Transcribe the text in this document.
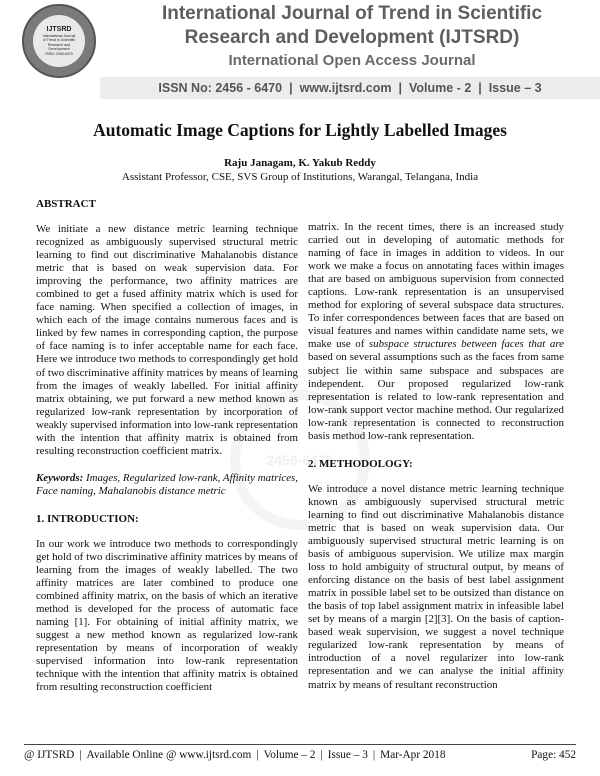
IJTSRD
International Journal
of Trend in Scientific
Research and
Development
ISSN: 2456-6470
International Journal of Trend in Scientific
Research and Development (IJTSRD)
International Open Access Journal
ISSN No: 2456 - 6470 | www.ijtsrd.com | Volume - 2 | Issue – 3
Automatic Image Captions for Lightly Labelled Images
Raju Janagam, K. Yakub Reddy
Assistant Professor, CSE, SVS Group of Institutions, Warangal, Telangana, India
2456-6470
ABSTRACT

We initiate a new distance metric learning technique recognized as ambiguously supervised structural metric learning to find out discriminative Mahalanobis distance metric that is based on weak supervision data. For improving the performance, two affinity matrices are combined to get a fused affinity matrix which is used for face naming. When specified a collection of images, in which each of the image contains numerous faces and is linked by few names in corresponding caption, the purpose of face naming is to infer acceptable name for each face. Here we introduce two methods to correspondingly get hold of two discriminative affinity matrices by means of learning from the images of weakly labelled. For initial affinity matrix obtaining, we put forward a new method known as regularized low-rank representation by incorporation of weakly supervised information into low-rank representation with the intention that affinity matrix is obtained from resulting reconstruction coefficient matrix.

Keywords: Images, Regularized low-rank, Affinity matrices, Face naming, Mahalanobis distance metric

1. INTRODUCTION:

In our work we introduce two methods to correspondingly get hold of two discriminative affinity matrices by means of learning from the images of weakly labelled. The two affinity matrices are later combined to produce one combined affinity matrix, on the basis of which an iterative method is developed for the process of automatic face naming [1]. For obtaining of initial affinity matrix, we suggest a new method known as regularized low-rank representation by means of incorporation of weakly supervised information into low-rank representation technique with the intention that affinity matrix is obtained from resulting reconstruction coefficient

matrix. In the recent times, there is an increased study carried out in developing of automatic methods for naming of face in images in addition to videos. In our work we make a focus on annotating faces within images that are based on ambiguous supervision from connected captions. Low-rank representation is an unsupervised method for exploring of several subspace data structures. To infer correspondences between faces that are based on visual features and names within candidate name sets, we make use of subspace structures between faces that are based on several assumptions such as the faces from same subject lie within same subspace and subspaces are independent. Our proposed regularized low-rank representation is related to low-rank representation and low-rank support vector machine method. Our regularized low-rank representation is connected to reconstruction basis method low-rank representation.

2. METHODOLOGY:

We introduce a novel distance metric learning technique known as ambiguously supervised structural metric learning to find out discriminative Mahalanobis distance metric that is based on weak supervision data. Our ambiguously supervised structural metric learning is on basis of ambiguous supervision. We utilize max margin loss to hold ambiguity of structural output, by means of enforcing distance on the basis of best label assignment matrix in possible label set to be outsized than distance on the basis of top label assignment matrix in infeasible label set by means of a margin [2][3]. On the basis of caption-based weak supervision, we suggest a novel technique regularized low-rank representation by means of introduction of a novel regularizer into low-rank representation and we can analyse the initial affinity matrix by means of resultant reconstruction

@ IJTSRD | Available Online @ www.ijtsrd.com | Volume – 2 | Issue – 3 | Mar-Apr 2018	Page: 452
